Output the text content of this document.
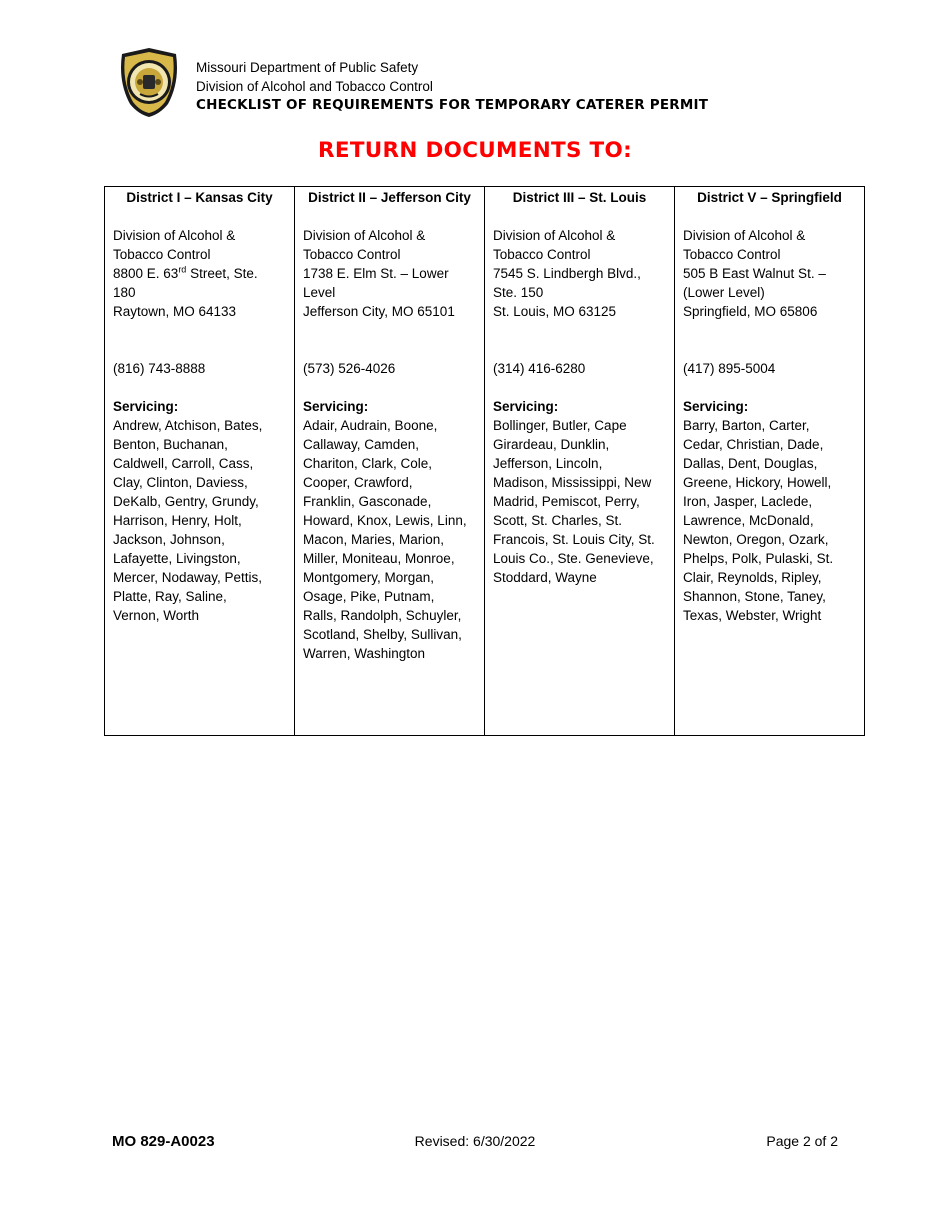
Missouri Department of Public Safety
Division of Alcohol and Tobacco Control
CHECKLIST OF REQUIREMENTS FOR TEMPORARY CATERER PERMIT
RETURN DOCUMENTS TO:
District I – Kansas City
Division of Alcohol &
Tobacco Control
8800 E. 63rd Street, Ste.
180
Raytown, MO 64133
(816) 743-8888
Servicing:
Andrew, Atchison, Bates,
Benton, Buchanan,
Caldwell, Carroll, Cass,
Clay, Clinton, Daviess,
DeKalb, Gentry, Grundy,
Harrison, Henry, Holt,
Jackson, Johnson,
Lafayette, Livingston,
Mercer, Nodaway, Pettis,
Platte, Ray, Saline,
Vernon, Worth

District II – Jefferson City
Division of Alcohol &
Tobacco Control
1738 E. Elm St. – Lower
Level
Jefferson City, MO 65101
(573) 526-4026
Servicing:
Adair, Audrain, Boone,
Callaway, Camden,
Chariton, Clark, Cole,
Cooper, Crawford,
Franklin, Gasconade,
Howard, Knox, Lewis, Linn,
Macon, Maries, Marion,
Miller, Moniteau, Monroe,
Montgomery, Morgan,
Osage, Pike, Putnam,
Ralls, Randolph, Schuyler,
Scotland, Shelby, Sullivan,
Warren, Washington

District III – St. Louis
Division of Alcohol &
Tobacco Control
7545 S. Lindbergh Blvd.,
Ste. 150
St. Louis, MO 63125
(314) 416-6280
Servicing:
Bollinger, Butler, Cape
Girardeau, Dunklin,
Jefferson, Lincoln,
Madison, Mississippi, New
Madrid, Pemiscot, Perry,
Scott, St. Charles, St.
Francois, St. Louis City, St.
Louis Co., Ste. Genevieve,
Stoddard, Wayne

District V – Springfield
Division of Alcohol &
Tobacco Control
505 B East Walnut St. –
(Lower Level)
Springfield, MO 65806
(417) 895-5004
Servicing:
Barry, Barton, Carter,
Cedar, Christian, Dade,
Dallas, Dent, Douglas,
Greene, Hickory, Howell,
Iron, Jasper, Laclede,
Lawrence, McDonald,
Newton, Oregon, Ozark,
Phelps, Polk, Pulaski, St.
Clair, Reynolds, Ripley,
Shannon, Stone, Taney,
Texas, Webster, Wright
MO 829-A0023	Revised: 6/30/2022	Page 2 of 2
